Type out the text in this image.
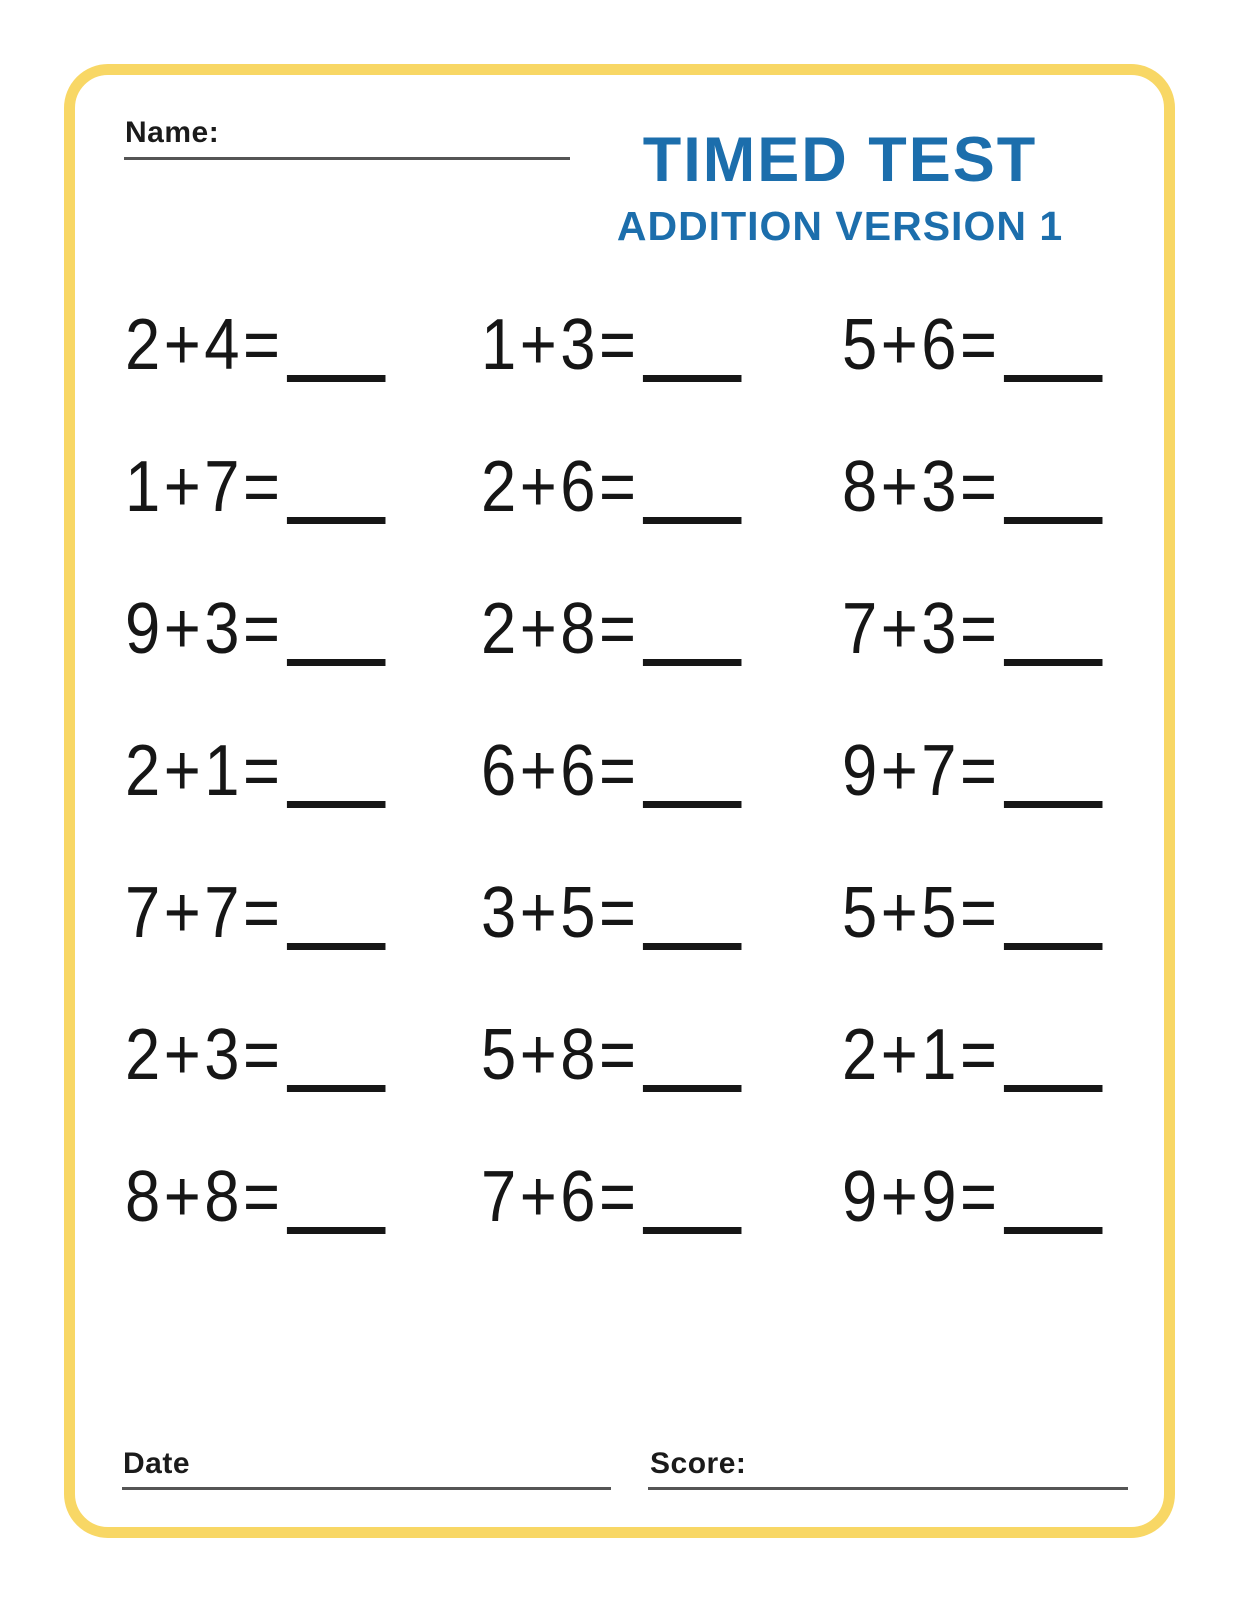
Name:	TIMED TEST
ADDITION VERSION 1
2+4=	1+3=	5+6=
1+7=	2+6=	8+3=
9+3=	2+8=	7+3=
2+1=	6+6=	9+7=
7+7=	3+5=	5+5=
2+3=	5+8=	2+1=
8+8=	7+6=	9+9=
Date	Score:
